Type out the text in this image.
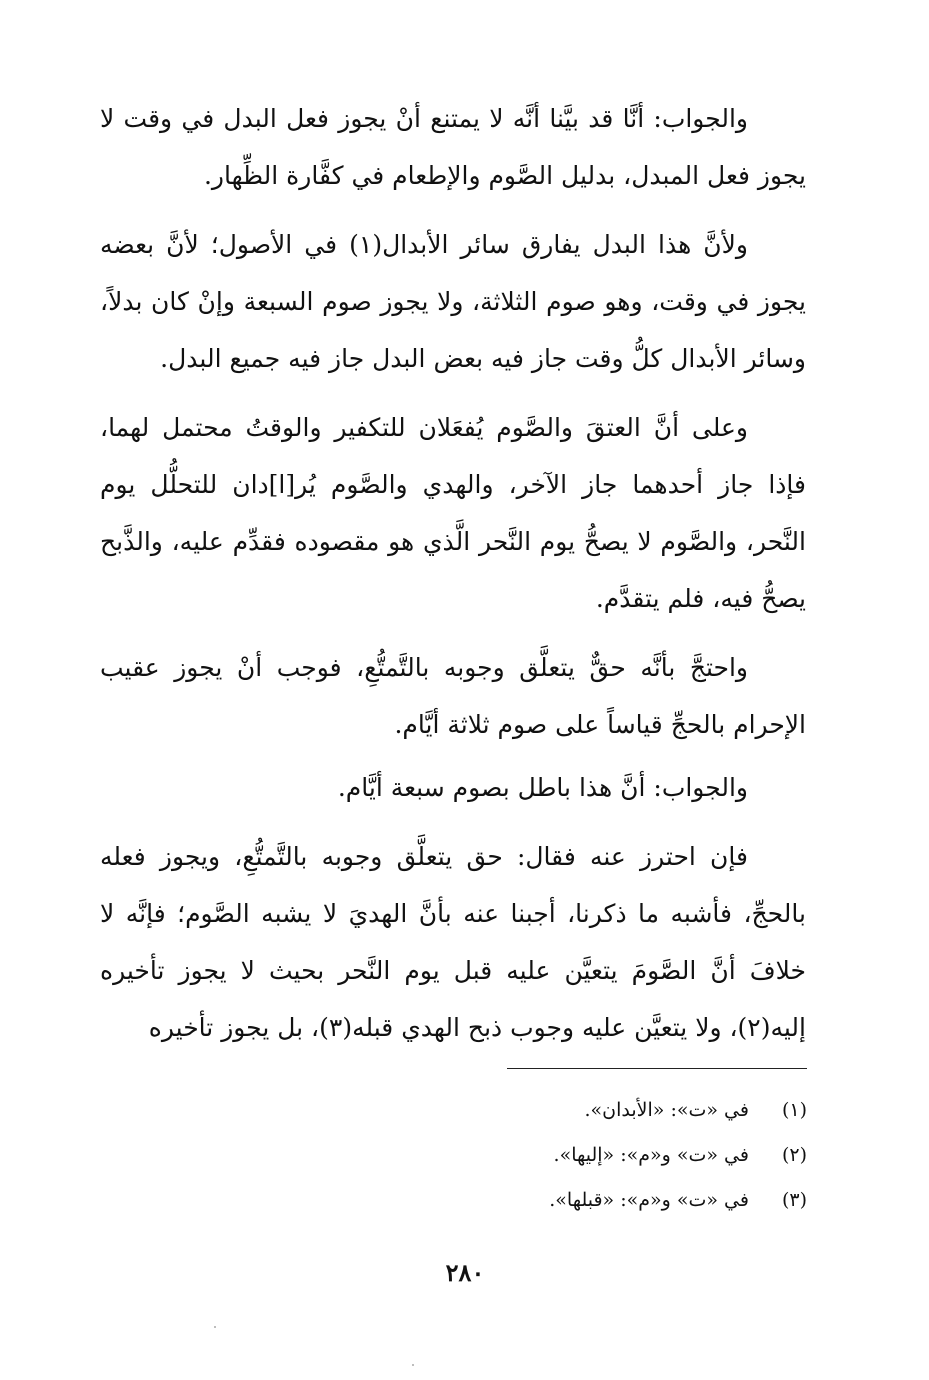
والجواب: أنَّا قد بيَّنا أنَّه لا يمتنع أنْ يجوز فعل البدل في وقت لا يجوز فعل المبدل، بدليل الصَّوم والإطعام في كفَّارة الظِّهار.

ولأنَّ هذا البدل يفارق سائر الأبدال(١) في الأصول؛ لأنَّ بعضه يجوز في وقت، وهو صوم الثلاثة، ولا يجوز صوم السبعة وإنْ كان بدلاً، وسائر الأبدال كلُّ وقت جاز فيه بعض البدل جاز فيه جميع البدل.

وعلى أنَّ العتقَ والصَّوم يُفعَلان للتكفير والوقتُ محتمل لهما، فإذا جاز أحدهما جاز الآخر، والهدي والصَّوم يُر[ا]دان للتحلُّل يوم النَّحر، والصَّوم لا يصحُّ يوم النَّحر الَّذي هو مقصوده فقدِّم عليه، والذَّبح يصحُّ فيه، فلم يتقدَّم.

واحتجَّ بأنَّه حقٌّ يتعلَّق وجوبه بالتَّمتُّعِ، فوجب أنْ يجوز عقيب الإحرام بالحجِّ قياساً على صوم ثلاثة أيَّام.

والجواب: أنَّ هذا باطل بصوم سبعة أيَّام.

فإن احترز عنه فقال: حق يتعلَّق وجوبه بالتَّمتُّعِ، ويجوز فعله بالحجِّ، فأشبه ما ذكرنا، أجبنا عنه بأنَّ الهديَ لا يشبه الصَّوم؛ فإنَّه لا خلافَ أنَّ الصَّومَ يتعيَّن عليه قبل يوم النَّحر بحيث لا يجوز تأخيره إليه(٢)، ولا يتعيَّن عليه وجوب ذبح الهدي قبله(٣)، بل يجوز تأخيره

(١) في «ت»: «الأبدان».
(٢) في «ت» و«م»: «إليها».
(٣) في «ت» و«م»: «قبلها».
٢٨٠
